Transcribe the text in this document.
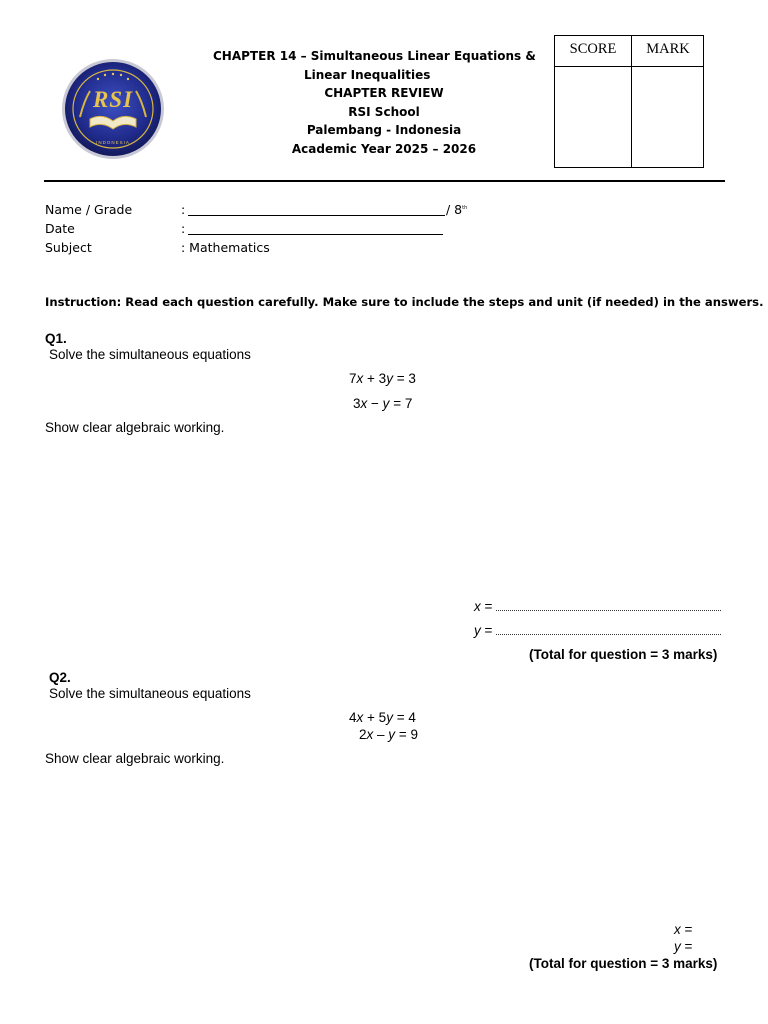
RSI
INDONESIA
CHAPTER 14 – Simultaneous Linear Equations &
Linear Inequalities
CHAPTER REVIEW
RSI School
Palembang - Indonesia
Academic Year 2025 – 2026
SCORE	MARK
Name / Grade	:	/ 8th
Date	:
Subject	: Mathematics
Instruction: Read each question carefully. Make sure to include the steps and unit (if needed) in the answers.
Q1.
Solve the simultaneous equations
7x + 3y = 3
3x − y = 7
Show clear algebraic working.
x =
y =
(Total for question = 3 marks)
Q2.
Solve the simultaneous equations
4x + 5y = 4
2x – y = 9
Show clear algebraic working.
x =
y =
(Total for question = 3 marks)
